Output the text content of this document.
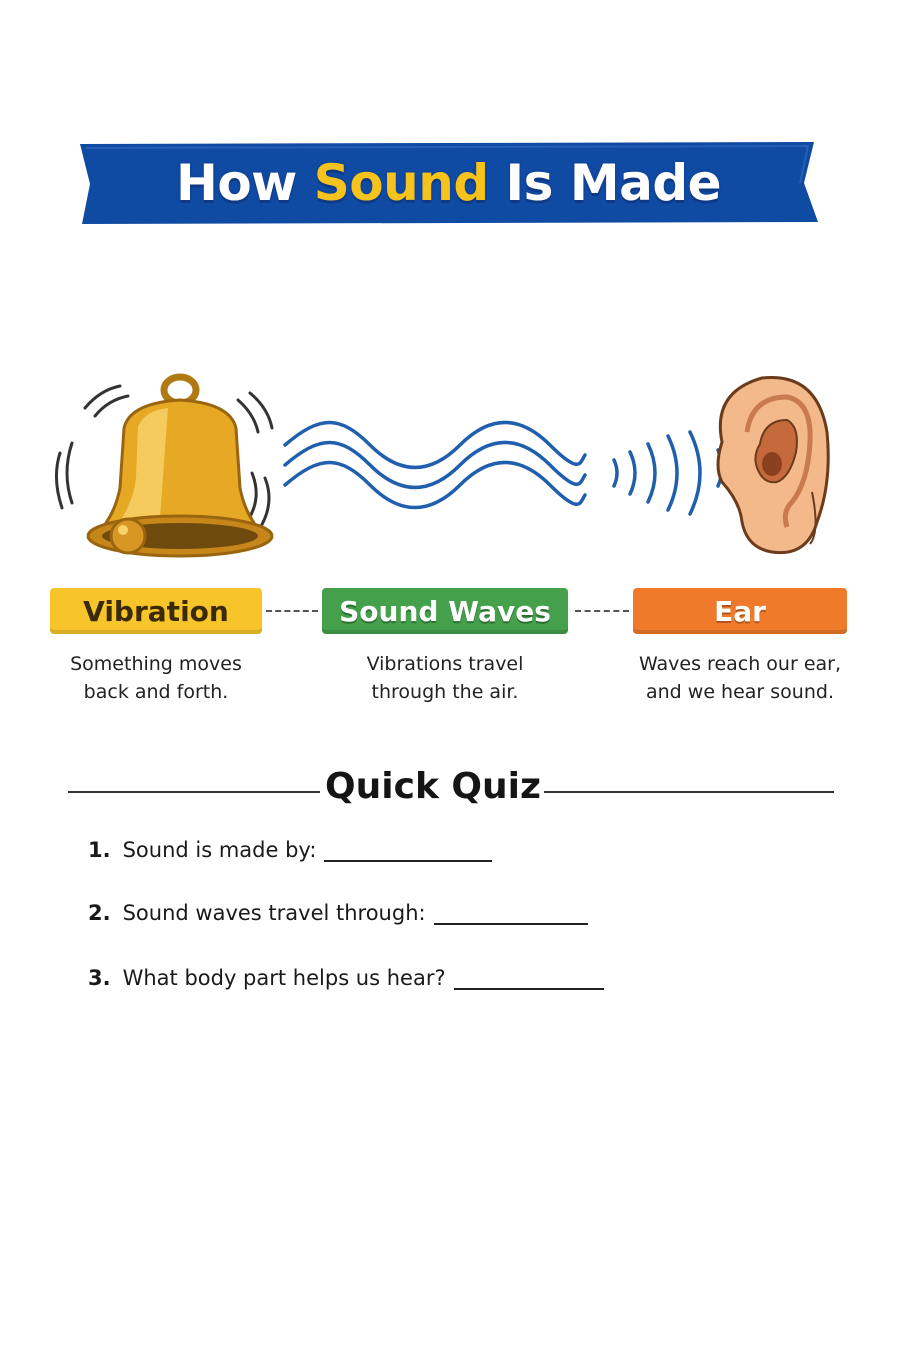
How Sound Is Made
Vibration	Sound Waves	Ear
Something moves
back and forth.
Vibrations travel
through the air.
Waves reach our ear,
and we hear sound.
Quick Quiz
1. Sound is made by:
2. Sound waves travel through:
3. What body part helps us hear?
